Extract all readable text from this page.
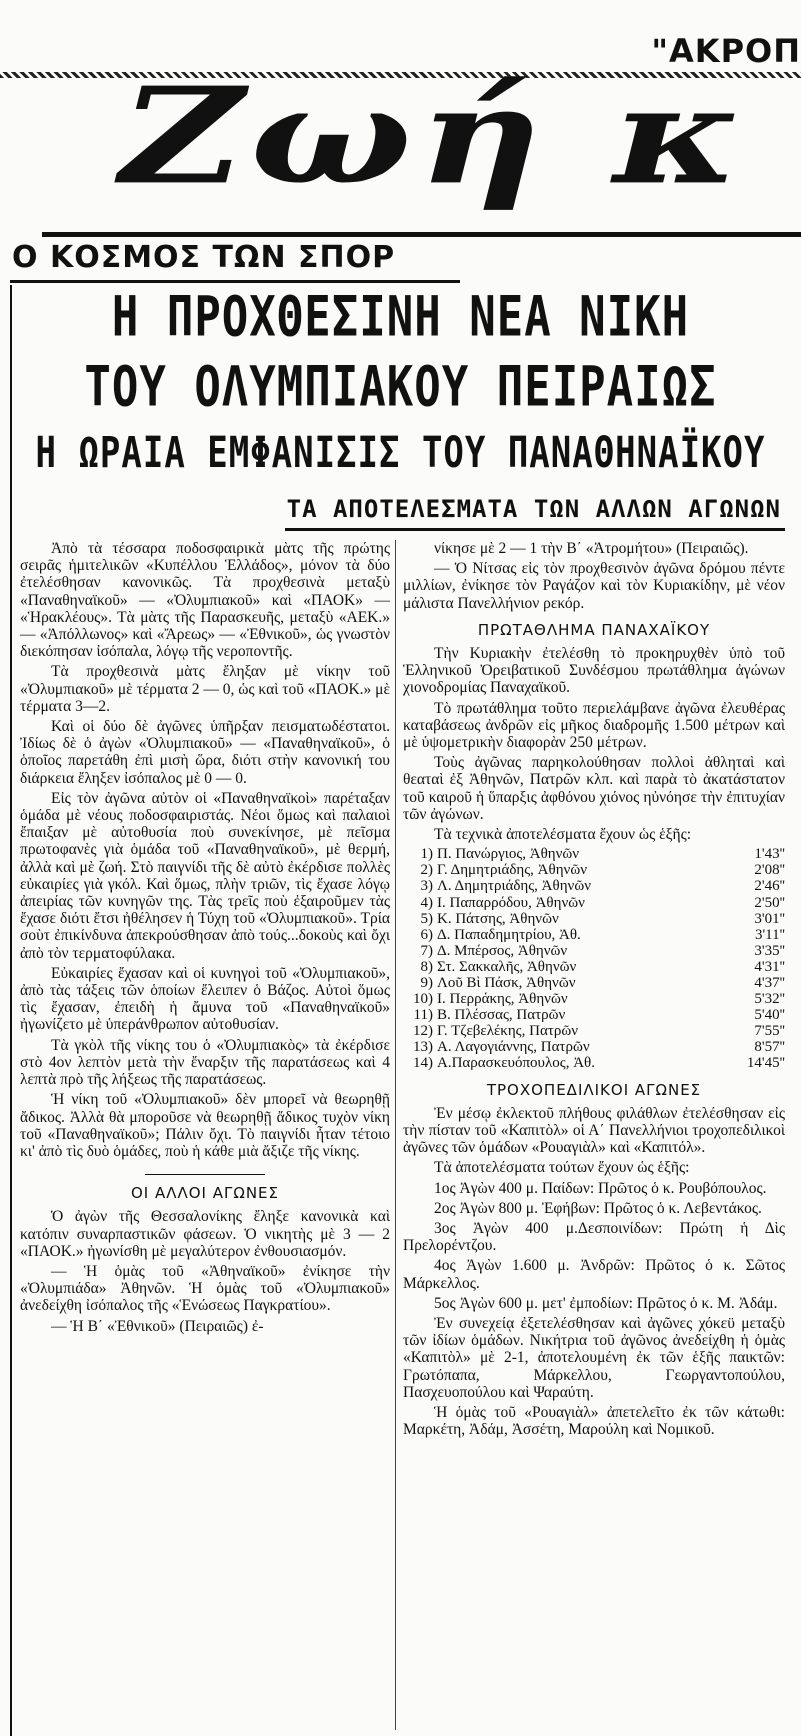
"ΑΚΡΟΠ
Ζωή κ
Ο ΚΟΣΜΟΣ ΤΩΝ ΣΠΟΡ
Η ΠΡΟΧΘΕΣΙΝΗ ΝΕΑ ΝΙΚΗ
ΤΟΥ ΟΛΥΜΠΙΑΚΟΥ ΠΕΙΡΑΙΩΣ
Η ΩΡΑΙΑ ΕΜΦΑΝΙΣΙΣ ΤΟΥ ΠΑΝΑΘΗΝΑΪΚΟΥ
ΤΑ ΑΠΟΤΕΛΕΣΜΑΤΑ ΤΩΝ ΑΛΛΩΝ ΑΓΩΝΩΝ

Ἀπὸ τὰ τέσσαρα ποδοσφαιρικὰ μὰτς τῆς πρώτης σειρᾶς ἡμιτελικῶν «Κυπέλλου Ἑλλάδος», μόνον τὰ δύο ἐτελέσθησαν κανονικῶς. Τὰ προχθεσινὰ μεταξὺ «Παναθηναϊκοῦ» — «Ὀλυμπιακοῦ» καὶ «ΠΑΟΚ» — «Ἡρακλέους». Τὰ μὰτς τῆς Παρασκευῆς, μεταξὺ «ΑΕΚ.» — «Ἀπόλλωνος» καὶ «Ἄρεως» — «Ἐθνικοῦ», ὡς γνωστὸν διεκόπησαν ἰσόπαλα, λόγῳ τῆς νεροποντῆς.

Τὰ προχθεσινὰ μὰτς ἔληξαν μὲ νίκην τοῦ «Ὀλυμπιακοῦ» μὲ τέρματα 2 — 0, ὡς καὶ τοῦ «ΠΑΟΚ.» μὲ τέρματα 3—2.

Καὶ οἱ δύο δὲ ἀγῶνες ὑπῆρξαν πεισματωδέστατοι. Ἰδίως δὲ ὁ ἀγὼν «Ὀλυμπιακοῦ» — «Παναθηναϊκοῦ», ὁ ὁποῖος παρετάθη ἐπὶ μισὴ ὥρα, διότι στὴν κανονική του διάρκεια ἔληξεν ἰσόπαλος μὲ 0 — 0.

Εἰς τὸν ἀγῶνα αὐτὸν οἱ «Παναθηναϊκοὶ» παρέταξαν ὁμάδα μὲ νέους ποδοσφαιριστάς. Νέοι ὅμως καὶ παλαιοὶ ἔπαιξαν μὲ αὐτοθυσία ποὺ συνεκίνησε, μὲ πεῖσμα πρωτοφανὲς γιὰ ὁμάδα τοῦ «Παναθηναϊκοῦ», μὲ θερμή, ἀλλὰ καὶ μὲ ζωή. Στὸ παιγνίδι τῆς δὲ αὐτὸ ἐκέρδισε πολλὲς εὐκαιρίες γιὰ γκόλ. Καὶ ὅμως, πλὴν τριῶν, τὶς ἔχασε λόγῳ ἀπειρίας τῶν κυνηγῶν της. Τὰς τρεῖς ποὺ ἐξαιροῦμεν τὰς ἔχασε διότι ἔτσι ἠθέλησεν ἡ Τύχη τοῦ «Ὀλυμπιακοῦ». Τρία σοὺτ ἐπικίνδυνα ἀπεκρούσθησαν ἀπὸ τούς...δοκοὺς καὶ ὄχι ἀπὸ τὸν τερματοφύλακα.

Εὐκαιρίες ἔχασαν καὶ οἱ κυνηγοὶ τοῦ «Ὀλυμπιακοῦ», ἀπὸ τὰς τάξεις τῶν ὁποίων ἔλειπεν ὁ Βάζος. Αὐτοὶ ὅμως τὶς ἔχασαν, ἐπειδὴ ἡ ἄμυνα τοῦ «Παναθηναϊκοῦ» ἠγωνίζετο μὲ ὑπεράνθρωπον αὐτοθυσίαν.

Τὰ γκὸλ τῆς νίκης του ὁ «Ὀλυμπιακὸς» τὰ ἐκέρδισε στὸ 4ον λεπτὸν μετὰ τὴν ἔναρξιν τῆς παρατάσεως καὶ 4 λεπτὰ πρὸ τῆς λήξεως τῆς παρατάσεως.

Ἡ νίκη τοῦ «Ὀλυμπιακοῦ» δὲν μπορεῖ νὰ θεωρηθῇ ἄδικος. Ἀλλὰ θὰ μποροῦσε νὰ θεωρηθῇ ἄδικος τυχὸν νίκη τοῦ «Παναθηναϊκοῦ»; Πάλιν ὄχι. Τὸ παιγνίδι ἦταν τέτοιο κι' ἀπὸ τὶς δυὸ ὁμάδες, ποὺ ἡ κάθε μιὰ ἄξιζε τῆς νίκης.

ΟΙ ΑΛΛΟΙ ΑΓΩΝΕΣ

Ὁ ἀγὼν τῆς Θεσσαλονίκης ἔληξε κανονικὰ καὶ κατόπιν συναρπαστικῶν φάσεων. Ὁ νικητὴς μὲ 3 — 2 «ΠΑΟΚ.» ἠγωνίσθη μὲ μεγαλύτερον ἐνθουσιασμόν.

— Ἡ ὁμὰς τοῦ «Ἀθηναϊκοῦ» ἐνίκησε τὴν «Ὀλυμπιάδα» Ἀθηνῶν. Ἡ ὁμὰς τοῦ «Ὀλυμπιακοῦ» ἀνεδείχθη ἰσόπαλος τῆς «Ἑνώσεως Παγκρατίου».

— Ἡ Β΄ «Ἐθνικοῦ» (Πειραιῶς) ἐ-

νίκησε μὲ 2 — 1 τὴν Β΄ «Ἀτρομήτου» (Πειραιῶς).

— Ὁ Νίτσας εἰς τὸν προχθεσινὸν ἀγῶνα δρόμου πέντε μιλλίων, ἐνίκησε τὸν Ραγάζον καὶ τὸν Κυριακίδην, μὲ νέον μάλιστα Πανελλήνιον ρεκόρ.

ΠΡΩΤΑΘΛΗΜΑ ΠΑΝΑΧΑΪΚΟΥ

Τὴν Κυριακὴν ἐτελέσθη τὸ προκηρυχθὲν ὑπὸ τοῦ Ἑλληνικοῦ Ὀρειβατικοῦ Συνδέσμου πρωτάθλημα ἀγώνων χιονοδρομίας Παναχαϊκοῦ.

Τὸ πρωτάθλημα τοῦτο περιελάμβανε ἀγῶνα ἐλευθέρας καταβάσεως ἀνδρῶν εἰς μῆκος διαδρομῆς 1.500 μέτρων καὶ μὲ ὑψομετρικὴν διαφορὰν 250 μέτρων.

Τοὺς ἀγῶνας παρηκολούθησαν πολλοὶ ἀθληταὶ καὶ θεαταὶ ἐξ Ἀθηνῶν, Πατρῶν κλπ. καὶ παρὰ τὸ ἀκατάστατον τοῦ καιροῦ ἡ ὕπαρξις ἀφθόνου χιόνος ηὐνόησε τὴν ἐπιτυχίαν τῶν ἀγώνων.

Τὰ τεχνικὰ ἀποτελέσματα ἔχουν ὡς ἑξῆς:

1) Π. Πανώργιος, Ἀθηνῶν	1'43''
2) Γ. Δημητριάδης, Ἀθηνῶν	2'08''
3) Λ. Δημητριάδης, Ἀθηνῶν	2'46''
4) Ι. Παπαρρόδου, Ἀθηνῶν	2'50''
5) Κ. Πάτσης, Ἀθηνῶν	3'01''
6) Δ. Παπαδημητρίου, Ἀθ.	3'11''
7) Δ. Μπέρσος, Ἀθηνῶν	3'35''
8) Στ. Σακκαλῆς, Ἀθηνῶν	4'31''
9) Λοῦ Βὶ Πάσκ, Ἀθηνῶν	4'37''
10) Ι. Περράκης, Ἀθηνῶν	5'32''
11) Β. Πλέσσας, Πατρῶν	5'40''
12) Γ. Τζεβελέκης, Πατρῶν	7'55''
13) Α. Λαγογιάννης, Πατρῶν	8'57''
14) Α.Παρασκευόπουλος, Ἀθ.	14'45''
ΤΡΟΧΟΠΕΔΙΛΙΚΟΙ ΑΓΩΝΕΣ

Ἐν μέσῳ ἐκλεκτοῦ πλήθους φιλάθλων ἐτελέσθησαν εἰς τὴν πίσταν τοῦ «Καπιτὸλ» οἱ Α΄ Πανελλήνιοι τροχοπεδιλικοὶ ἀγῶνες τῶν ὁμάδων «Ρουαγιὰλ» καὶ «Καπιτόλ».

Τὰ ἀποτελέσματα τούτων ἔχουν ὡς ἑξῆς:

1ος Ἀγὼν 400 μ. Παίδων: Πρῶτος ὁ κ. Ρουβόπουλος.

2ος Ἀγὼν 800 μ. Ἐφήβων: Πρῶτος ὁ κ. Λεβεντάκος.

3ος Ἀγὼν 400 μ.Δεσποινίδων: Πρώτη ἡ Δὶς Πρελορέντζου.

4ος Ἀγὼν 1.600 μ. Ἀνδρῶν: Πρῶτος ὁ κ. Σῶτος Μάρκελλος.

5ος Ἀγὼν 600 μ. μετ' ἐμποδίων: Πρῶτος ὁ κ. Μ. Ἀδάμ.

Ἐν συνεχείᾳ ἐξετελέσθησαν καὶ ἀγῶνες χόκεϋ μεταξὺ τῶν ἰδίων ὁμάδων. Νικήτρια τοῦ ἀγῶνος ἀνεδείχθη ἡ ὁμὰς «Καπιτὸλ» μὲ 2-1, ἀποτελουμένη ἐκ τῶν ἑξῆς παικτῶν: Γρωτόπαπα, Μάρκελλου, Γεωργαντοπούλου, Πασχευοπούλου καὶ Ψαραύτη.

Ἡ ὁμὰς τοῦ «Ρουαγιὰλ» ἀπετελεῖτο ἐκ τῶν κάτωθι: Μαρκέτη, Ἀδάμ, Ἀσσέτη, Μαρούλη καὶ Νομικοῦ.
